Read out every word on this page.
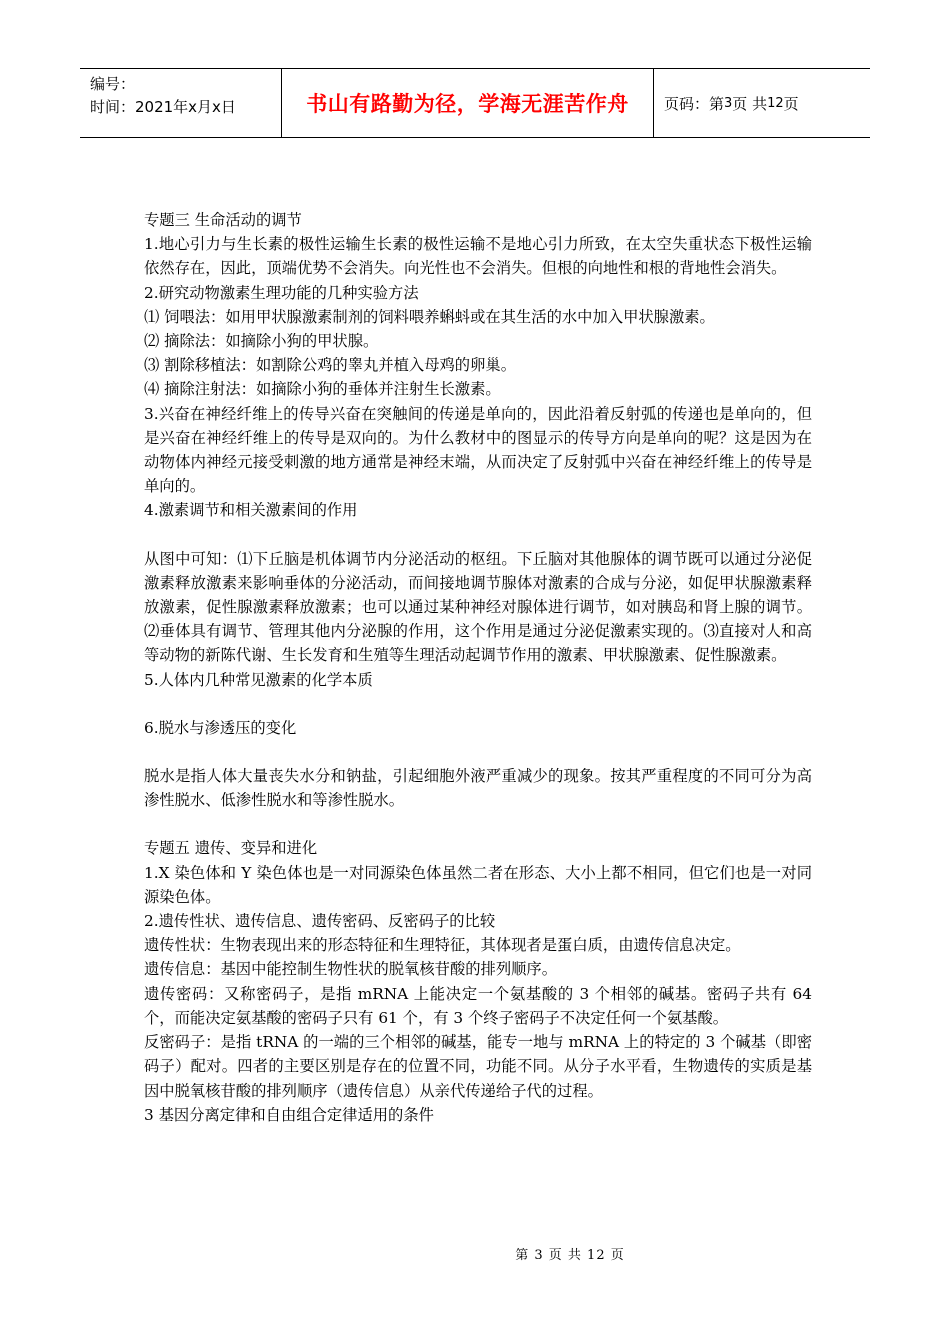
编号：
时间：2021年x月x日	书山有路勤为径，学海无涯苦作舟 页码：第 3 页 共 12 页

专题三 生命活动的调节

1.地心引力与生长素的极性运输生长素的极性运输不是地心引力所致，在太空失重状态下极性运输依然存在，因此，顶端优势不会消失。向光性也不会消失。但根的向地性和根的背地性会消失。

2.研究动物激素生理功能的几种实验方法

⑴ 饲喂法：如用甲状腺激素制剂的饲料喂养蝌蚪或在其生活的水中加入甲状腺激素。

⑵ 摘除法：如摘除小狗的甲状腺。

⑶ 割除移植法：如割除公鸡的睾丸并植入母鸡的卵巢。

⑷ 摘除注射法：如摘除小狗的垂体并注射生长激素。

3.兴奋在神经纤维上的传导兴奋在突触间的传递是单向的，因此沿着反射弧的传递也是单向的，但是兴奋在神经纤维上的传导是双向的。为什么教材中的图显示的传导方向是单向的呢？这是因为在动物体内神经元接受刺激的地方通常是神经末端，从而决定了反射弧中兴奋在神经纤维上的传导是单向的。

4.激素调节和相关激素间的作用

从图中可知：⑴下丘脑是机体调节内分泌活动的枢纽。下丘脑对其他腺体的调节既可以通过分泌促激素释放激素来影响垂体的分泌活动，而间接地调节腺体对激素的合成与分泌，如促甲状腺激素释放激素，促性腺激素释放激素；也可以通过某种神经对腺体进行调节，如对胰岛和肾上腺的调节。⑵垂体具有调节、管理其他内分泌腺的作用，这个作用是通过分泌促激素实现的。⑶直接对人和高等动物的新陈代谢、生长发育和生殖等生理活动起调节作用的激素、甲状腺激素、促性腺激素。

5.人体内几种常见激素的化学本质

6.脱水与渗透压的变化

脱水是指人体大量丧失水分和钠盐，引起细胞外液严重减少的现象。按其严重程度的不同可分为高渗性脱水、低渗性脱水和等渗性脱水。

专题五 遗传、变异和进化

1.X 染色体和 Y 染色体也是一对同源染色体虽然二者在形态、大小上都不相同，但它们也是一对同源染色体。

2.遗传性状、遗传信息、遗传密码、反密码子的比较

遗传性状：生物表现出来的形态特征和生理特征，其体现者是蛋白质，由遗传信息决定。

遗传信息：基因中能控制生物性状的脱氧核苷酸的排列顺序。

遗传密码：又称密码子，是指 mRNA 上能决定一个氨基酸的 3 个相邻的碱基。密码子共有 64 个，而能决定氨基酸的密码子只有 61 个，有 3 个终子密码子不决定任何一个氨基酸。

反密码子：是指 tRNA 的一端的三个相邻的碱基，能专一地与 mRNA 上的特定的 3 个碱基（即密码子）配对。四者的主要区别是存在的位置不同，功能不同。从分子水平看，生物遗传的实质是基因中脱氧核苷酸的排列顺序（遗传信息）从亲代传递给子代的过程。

3 基因分离定律和自由组合定律适用的条件

第 3 页 共 12 页
